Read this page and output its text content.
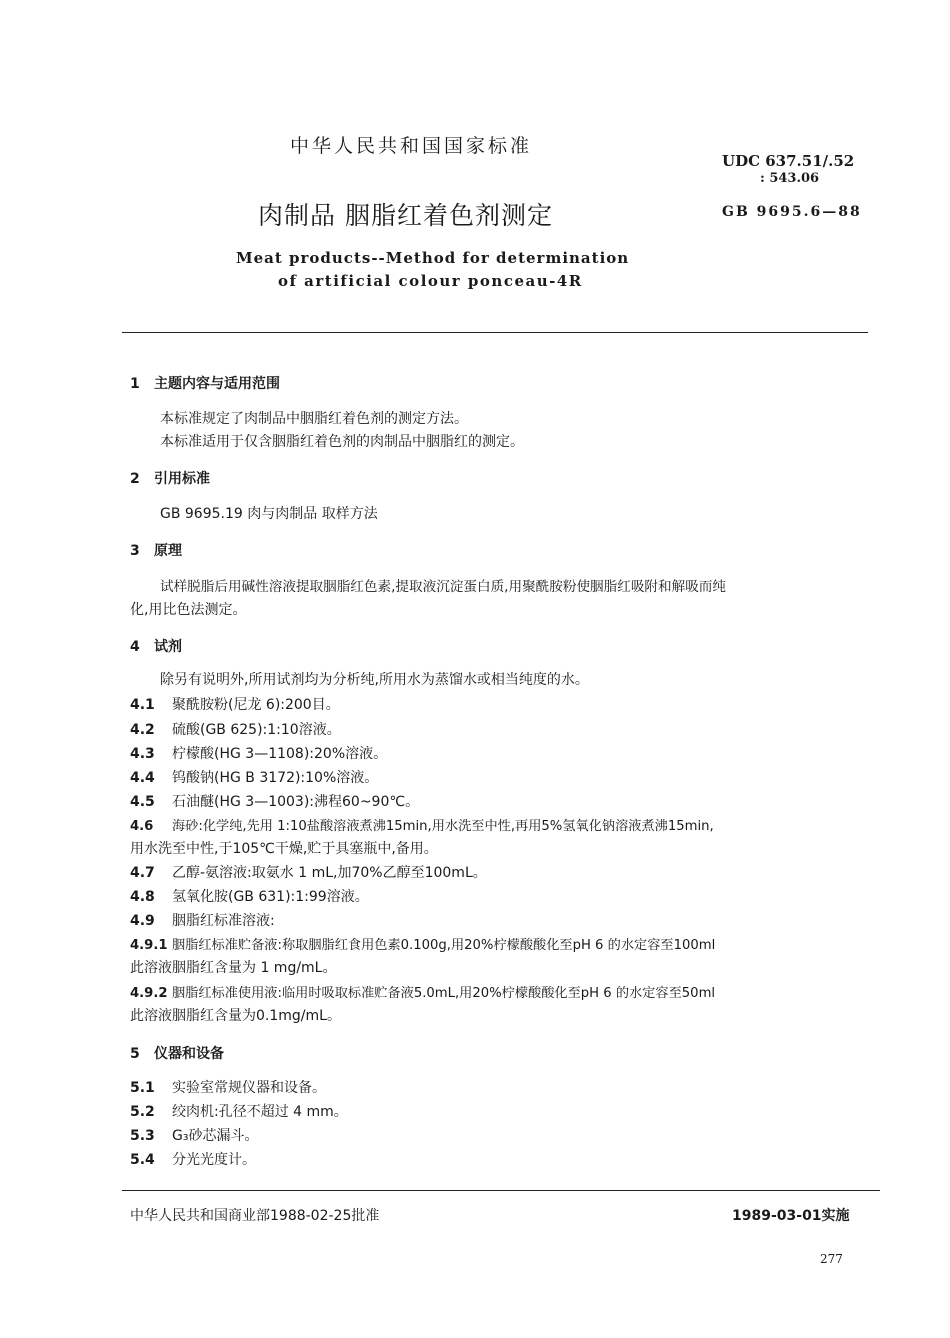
中华人民共和国国家标准
UDC 637.51/.52
: 543.06
肉制品 胭脂红着色剂测定	GB 9695.6—88
Meat products--Method for determination
of artificial colour ponceau-4R
1 主题内容与适用范围
本标准规定了肉制品中胭脂红着色剂的测定方法。
本标准适用于仅含胭脂红着色剂的肉制品中胭脂红的测定。
2 引用标准
GB 9695.19 肉与肉制品 取样方法
3 原理
试样脱脂后用碱性溶液提取胭脂红色素,提取液沉淀蛋白质,用聚酰胺粉使胭脂红吸附和解吸而纯
化,用比色法测定。
4 试剂
除另有说明外,所用试剂均为分析纯,所用水为蒸馏水或相当纯度的水。
4.1 聚酰胺粉(尼龙 6):200目。
4.2 硫酸(GB 625):1:10溶液。
4.3 柠檬酸(HG 3—1108):20%溶液。
4.4 钨酸钠(HG B 3172):10%溶液。
4.5 石油醚(HG 3—1003):沸程60~90℃。
4.6 海砂:化学纯,先用 1:10盐酸溶液煮沸15min,用水洗至中性,再用5%氢氧化钠溶液煮沸15min,
用水洗至中性,于105℃干燥,贮于具塞瓶中,备用。
4.7 乙醇-氨溶液:取氨水 1 mL,加70%乙醇至100mL。
4.8 氢氧化胺(GB 631):1:99溶液。
4.9 胭脂红标准溶液:
4.9.1 胭脂红标准贮备液:称取胭脂红食用色素0.100g,用20%柠檬酸酸化至pH 6 的水定容至100ml
此溶液胭脂红含量为 1 mg/mL。
4.9.2 胭脂红标准使用液:临用时吸取标准贮备液5.0mL,用20%柠檬酸酸化至pH 6 的水定容至50ml
此溶液胭脂红含量为0.1mg/mL。
5 仪器和设备
5.1 实验室常规仪器和设备。
5.2 绞肉机:孔径不超过 4 mm。
5.3 G₃砂芯漏斗。
5.4 分光光度计。
中华人民共和国商业部1988-02-25批准	1989-03-01实施
277
